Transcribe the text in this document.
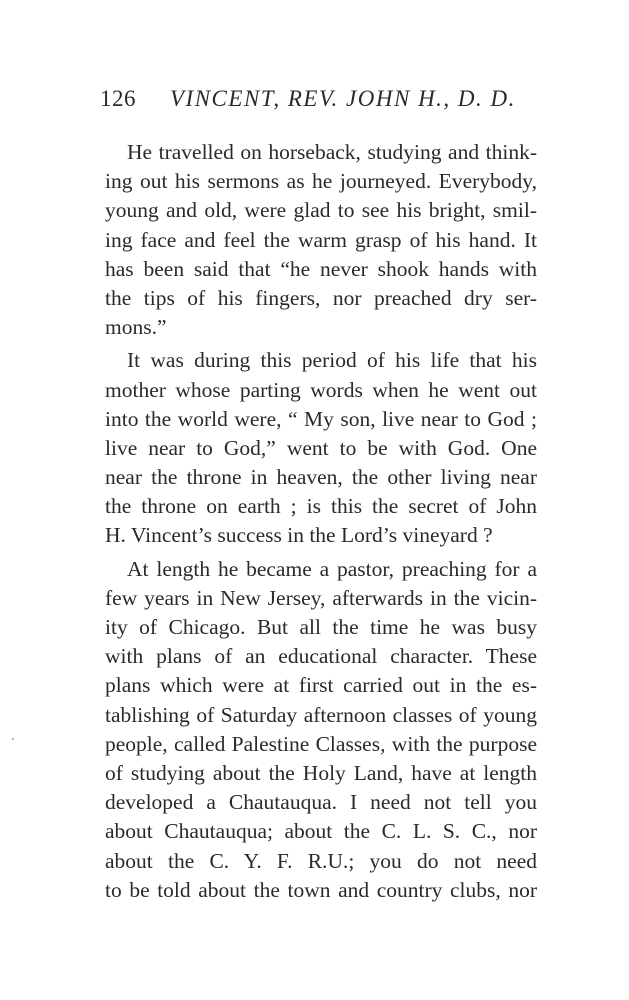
126 VINCENT, REV. JOHN H., D. D.
He travelled on horseback, studying and think-
ing out his sermons as he journeyed. Everybody,
young and old, were glad to see his bright, smil-
ing face and feel the warm grasp of his hand. It
has been said that “he never shook hands with
the tips of his fingers, nor preached dry ser-
mons.”
It was during this period of his life that his
mother whose parting words when he went out
into the world were, “ My son, live near to God ;
live near to God,” went to be with God. One
near the throne in heaven, the other living near
the throne on earth ; is this the secret of John
H. Vincent’s success in the Lord’s vineyard ?
At length he became a pastor, preaching for a
few years in New Jersey, afterwards in the vicin-
ity of Chicago. But all the time he was busy
with plans of an educational character. These
plans which were at first carried out in the es-
tablishing of Saturday afternoon classes of young
people, called Palestine Classes, with the purpose
of studying about the Holy Land, have at length
developed a Chautauqua. I need not tell you
about Chautauqua; about the C. L. S. C., nor
about the C. Y. F. R.U.; you do not need
to be told about the town and country clubs, nor
